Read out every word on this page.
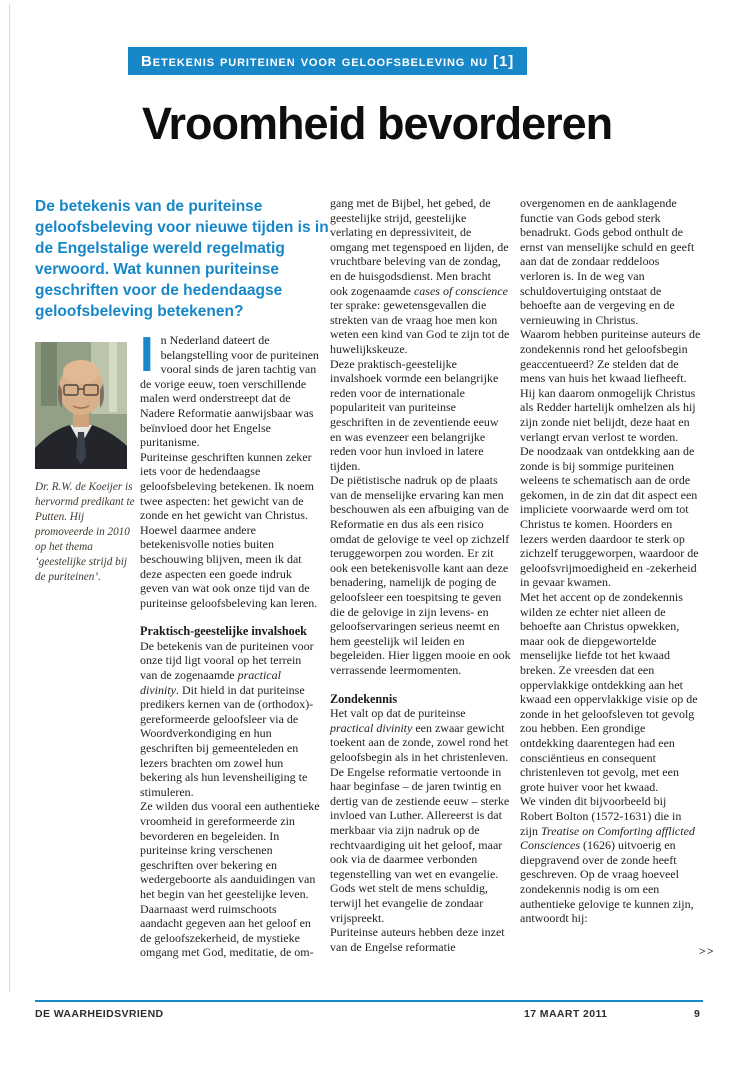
Betekenis puriteinen voor geloofsbeleving nu [1]
Vroomheid bevorderen

De betekenis van de puriteinse geloofsbeleving voor nieuwe tijden is in de Engelstalige wereld regelmatig verwoord. Wat kunnen puriteinse geschriften voor de hedendaagse geloofsbeleving betekenen?

Dr. R.W. de Koeijer is hervormd predikant te Putten. Hij promoveerde in 2010 op het thema ‘geestelijke strijd bij de puriteinen’.

In Nederland dateert de belangstelling voor de puriteinen vooral sinds de jaren tachtig van de vorige eeuw, toen verschillende malen werd onderstreept dat de Nadere Reformatie aanwijsbaar was beïnvloed door het Engelse puritanisme.

Puriteinse geschriften kunnen zeker iets voor de hedendaagse geloofsbeleving betekenen. Ik noem twee aspecten: het gewicht van de zonde en het gewicht van Christus. Hoewel daarmee andere betekenisvolle noties buiten beschouwing blijven, meen ik dat deze aspecten een goede indruk geven van wat ook onze tijd van de puriteinse geloofsbeleving kan leren.

Praktisch-geestelijke invalshoek

De betekenis van de puriteinen voor onze tijd ligt vooral op het terrein van de zogenaamde practical divinity. Dit hield in dat puriteinse predikers kernen van de (orthodox)-gereformeerde geloofsleer via de Woordverkondiging en hun geschriften bij gemeenteleden en lezers brachten om zowel hun bekering als hun levensheiliging te stimuleren.

Ze wilden dus vooral een authentieke vroomheid in gereformeerde zin bevorderen en begeleiden. In puriteinse kring verschenen geschriften over bekering en wedergeboorte als aanduidingen van het begin van het geestelijke leven. Daarnaast werd ruimschoots aandacht gegeven aan het geloof en de geloofszekerheid, de mystieke omgang met God, meditatie, de om-

gang met de Bijbel, het gebed, de geestelijke strijd, geestelijke verlating en depressiviteit, de omgang met tegenspoed en lijden, de vruchtbare beleving van de zondag, en de huisgodsdienst. Men bracht ook zogenaamde cases of conscience ter sprake: gewetensgevallen die strekten van de vraag hoe men kon weten een kind van God te zijn tot de huwelijkskeuze.

Deze praktisch-geestelijke invalshoek vormde een belangrijke reden voor de internationale populariteit van puriteinse geschriften in de zeventiende eeuw en was evenzeer een belangrijke reden voor hun invloed in latere tijden.

De piëtistische nadruk op de plaats van de menselijke ervaring kan men beschouwen als een afbuiging van de Reformatie en dus als een risico omdat de gelovige te veel op zichzelf teruggeworpen zou worden. Er zit ook een betekenisvolle kant aan deze benadering, namelijk de poging de geloofsleer een toespitsing te geven die de gelovige in zijn levens- en geloofservaringen serieus neemt en hem geestelijk wil leiden en begeleiden. Hier liggen mooie en ook verrassende leermomenten.

Zondekennis

Het valt op dat de puriteinse practical divinity een zwaar gewicht toekent aan de zonde, zowel rond het geloofsbegin als in het christenleven. De Engelse reformatie vertoonde in haar beginfase – de jaren twintig en dertig van de zestiende eeuw – sterke invloed van Luther. Allereerst is dat merkbaar via zijn nadruk op de rechtvaardiging uit het geloof, maar ook via de daarmee verbonden tegenstelling van wet en evangelie. Gods wet stelt de mens schuldig, terwijl het evangelie de zondaar vrijspreekt.

Puriteinse auteurs hebben deze inzet van de Engelse reformatie

overgenomen en de aanklagende functie van Gods gebod sterk benadrukt. Gods gebod onthult de ernst van menselijke schuld en geeft aan dat de zondaar reddeloos verloren is. In de weg van schuldovertuiging ontstaat de behoefte aan de vergeving en de vernieuwing in Christus.

Waarom hebben puriteinse auteurs de zondekennis rond het geloofsbegin geaccentueerd? Ze stelden dat de mens van huis het kwaad liefheeft. Hij kan daarom onmogelijk Christus als Redder hartelijk omhelzen als hij zijn zonde niet belijdt, deze haat en verlangt ervan verlost te worden.

De noodzaak van ontdekking aan de zonde is bij sommige puriteinen weleens te schematisch aan de orde gekomen, in de zin dat dit aspect een impliciete voorwaarde werd om tot Christus te komen. Hoorders en lezers werden daardoor te sterk op zichzelf teruggeworpen, waardoor de geloofsvrijmoedigheid en -zekerheid in gevaar kwamen.

Met het accent op de zondekennis wilden ze echter niet alleen de behoefte aan Christus opwekken, maar ook de diepgewortelde menselijke liefde tot het kwaad breken. Ze vreesden dat een oppervlakkige ontdekking aan het kwaad een oppervlakkige visie op de zonde in het geloofsleven tot gevolg zou hebben. Een grondige ontdekking daarentegen had een consciëntieus en consequent christenleven tot gevolg, met een grote huiver voor het kwaad.

We vinden dit bijvoorbeeld bij Robert Bolton (1572-1631) die in zijn Treatise on Comforting afflicted Consciences (1626) uitvoerig en diepgravend over de zonde heeft geschreven. Op de vraag hoeveel zondekennis nodig is om een authentieke gelovige te kunnen zijn, antwoordt hij:

>>
DE WAARHEIDSVRIEND	17 MAART 2011	9
